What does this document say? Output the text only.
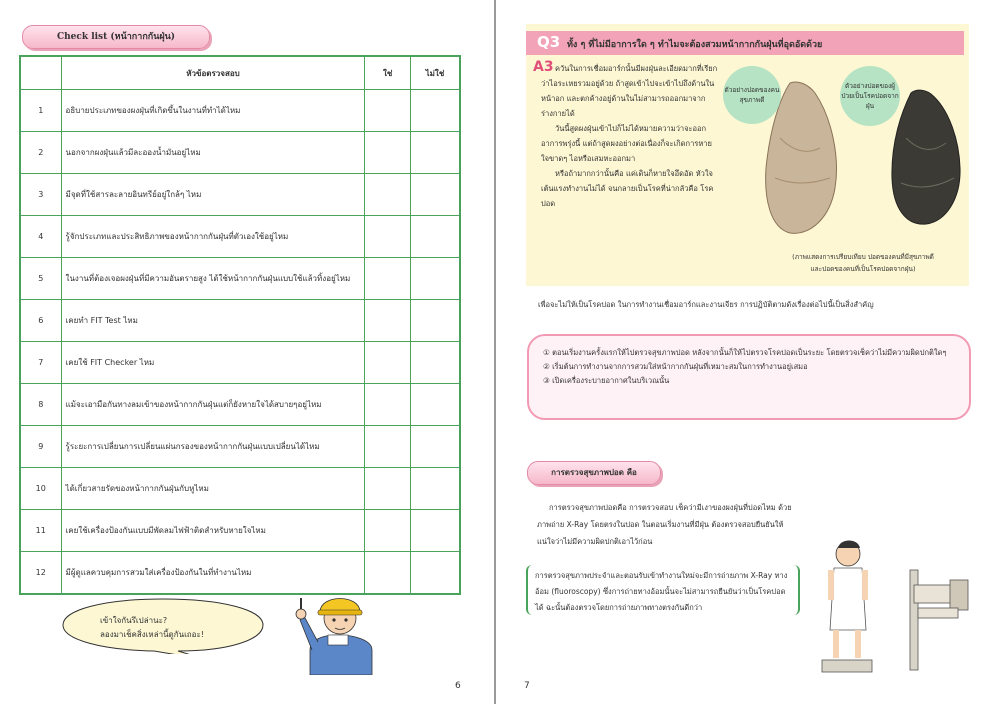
Check list (หน้ากากกันฝุ่น)
	หัวข้อตรวจสอบ	ใช่	ไม่ใช่
1	อธิบายประเภทของผงฝุ่นที่เกิดขึ้นในงานที่ทำได้ไหม		
2	นอกจากผงฝุ่นแล้วมีละอองน้ำมันอยู่ไหม		
3	มีจุดที่ใช้สารละลายอินทรีย์อยู่ใกล้ๆ ไหม		
4	รู้จักประเภทและประสิทธิภาพของหน้ากากกันฝุ่นที่ตัวเองใช้อยู่ไหม		
5	ในงานที่ต้องเจอผงฝุ่นที่มีความอันตรายสูง ได้ใช้หน้ากากกันฝุ่นแบบใช้แล้วทิ้งอยู่ไหม		
6	เคยทำ FIT Test ไหม		
7	เคยใช้ FIT Checker ไหม		
8	แม้จะเอามือกันทางลมเข้าของหน้ากากกันฝุ่นแต่ก็ยังหายใจได้สบายๆอยู่ไหม		
9	รู้ระยะการเปลี่ยนการเปลี่ยนแผ่นกรองของหน้ากากกันฝุ่นแบบเปลี่ยนได้ไหม		
10	ได้เกี่ยวสายรัดของหน้ากากกันฝุ่นกับหูไหม		
11	เคยใช้เครื่องป้องกันแบบมีพัดลมไฟฟ้าติดสำหรับหายใจไหม		
12	มีผู้ดูแลควบคุมการสวมใส่เครื่องป้องกันในที่ทำงานไหม		
เข้าใจกันรึเปล่านะ?
ลองมาเช็คสิ่งเหล่านี้ดูกันเถอะ!
6
Q3 ทั้ง ๆ ที่ไม่มีอาการใด ๆ ทำไมจะต้องสวมหน้ากากกันฝุ่นที่อุดอัดด้วย
A3 ควันในการเชื่อมอาร์กนั้นมีผงฝุ่นละเอียดมากที่เรียกว่าไอระเหยรวมอยู่ด้วย ถ้าสูดเข้าไปจะเข้าไปถึงด้านในหน้าอก และตกค้างอยู่ด้านในไม่สามารถออกมาจากร่างกายได้

วันนี้สูดผงฝุ่นเข้าไปก็ไม่ได้หมายความว่าจะออกอาการพรุ่งนี้ แต่ถ้าสูดผงอย่างต่อเนื่องก็จะเกิดการหายใจขาดๆ ไอหรือเสมหะออกมา

หรือถ้ามากกว่านั้นคือ แค่เดินก็หายใจอึดอัด หัวใจเต้นแรงทำงานไม่ได้ จนกลายเป็นโรคที่น่ากลัวคือ โรคปอด

ตัวอย่างปอดของคนสุขภาพดี
ตัวอย่างปอดของผู้ป่วยเป็นโรคปอดจากฝุ่น
(ภาพแสดงการเปรียบเทียบ ปอดของคนที่มีสุขภาพดี
และปอดของคนที่เป็นโรคปอดจากฝุ่น)
เพื่อจะไม่ให้เป็นโรคปอด ในการทำงานเชื่อมอาร์กและงานเจียร การปฏิบัติตามดังเรื่องต่อไปนี้เป็นสิ่งสำคัญ
① ตอนเริ่มงานครั้งแรกให้ไปตรวจสุขภาพปอด หลังจากนั้นก็ให้ไปตรวจโรคปอดเป็นระยะ โดยตรวจเช็คว่าไม่มีความผิดปกติใดๆ
② เริ่มต้นการทำงานจากการสวมใส่หน้ากากกันฝุ่นที่เหมาะสมในการทำงานอยู่เสมอ
③ เปิดเครื่องระบายอากาศในบริเวณนั้น
การตรวจสุขภาพปอด คือ

การตรวจสุขภาพปอดคือ การตรวจสอบ เช็คว่ามีเงาของผงฝุ่นที่ปอดไหม ด้วยภาพถ่าย X-Ray โดยตรงในปอด ในตอนเริ่มงานที่มีฝุ่น ต้องตรวจสอบยืนยันให้แน่ใจว่าไม่มีความผิดปกติเอาไว้ก่อน

การตรวจสุขภาพประจำและตอนรับเข้าทำงานใหม่จะมีการถ่ายภาพ X-Ray ทางอ้อม (fluoroscopy) ซึ่งการถ่ายทางอ้อมนั้นจะไม่สามารถยืนยันว่าเป็นโรคปอดได้ ฉะนั้นต้องตรวจโดยการถ่ายภาพทางตรงกันดีกว่า
7
